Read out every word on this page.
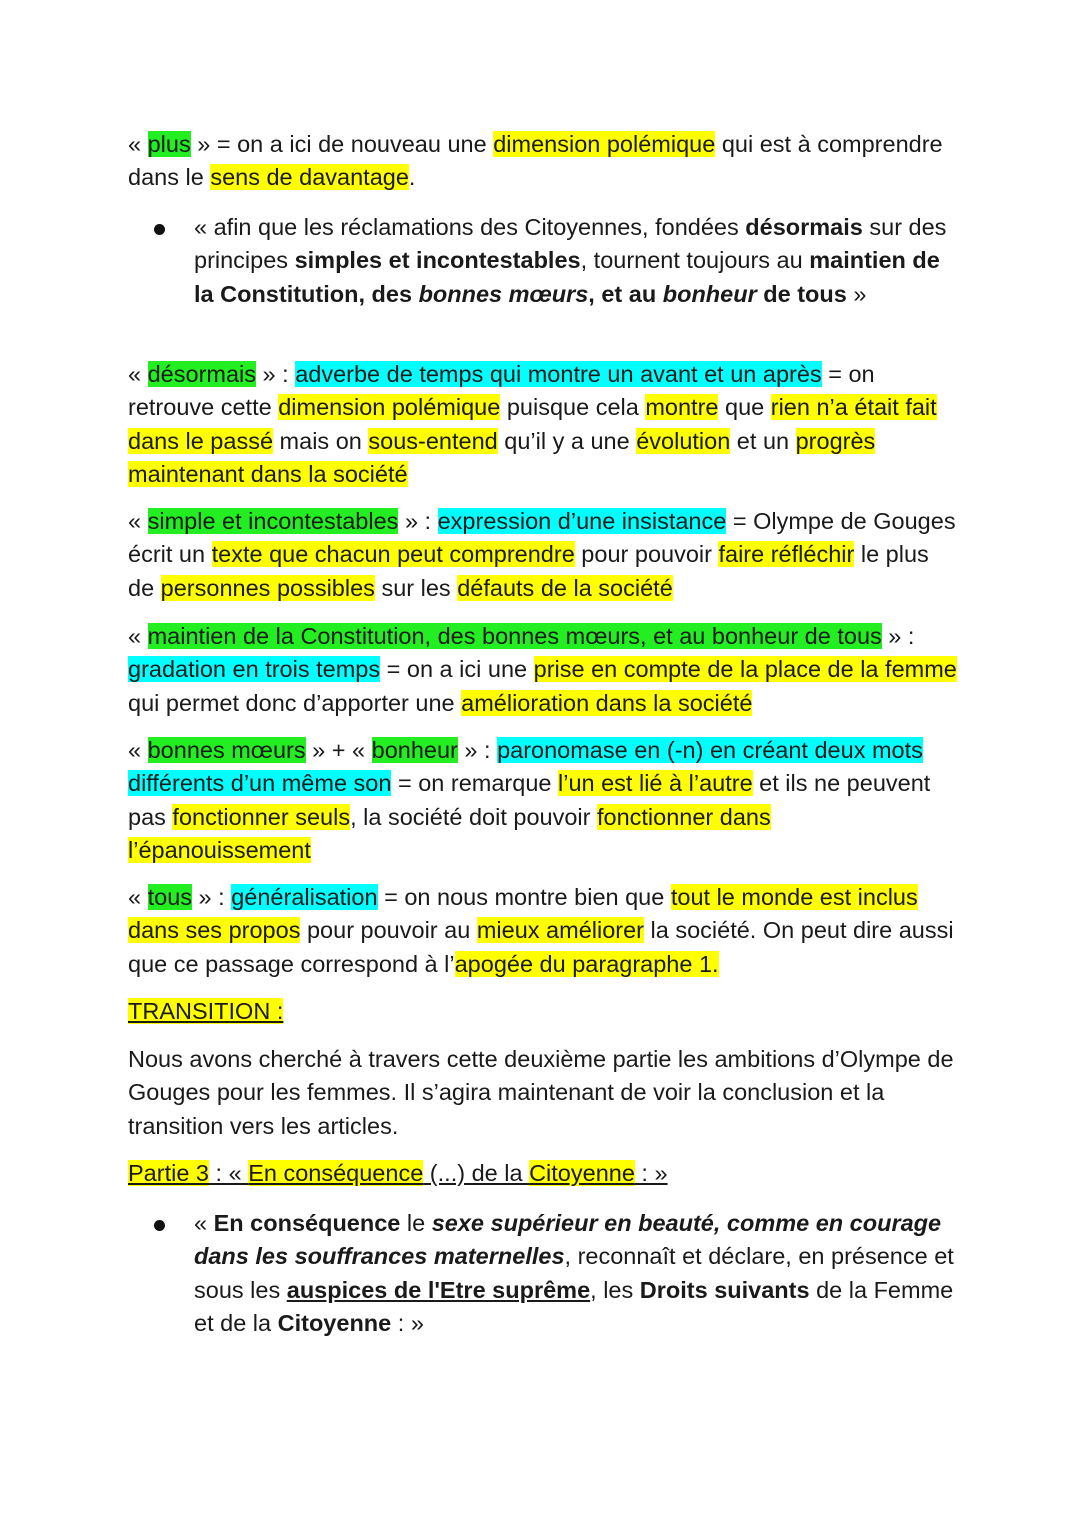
« plus » = on a ici de nouveau une dimension polémique qui est à comprendre dans le sens de davantage.
« afin que les réclamations des Citoyennes, fondées désormais sur des principes simples et incontestables, tournent toujours au maintien de la Constitution, des bonnes mœurs, et au bonheur de tous »
« désormais » : adverbe de temps qui montre un avant et un après = on retrouve cette dimension polémique puisque cela montre que rien n’a était fait dans le passé mais on sous-entend qu’il y a une évolution et un progrès maintenant dans la société
« simple et incontestables » : expression d’une insistance = Olympe de Gouges écrit un texte que chacun peut comprendre pour pouvoir faire réfléchir le plus de personnes possibles sur les défauts de la société
« maintien de la Constitution, des bonnes mœurs, et au bonheur de tous » : gradation en trois temps = on a ici une prise en compte de la place de la femme qui permet donc d’apporter une amélioration dans la société
« bonnes mœurs » + « bonheur » : paronomase en (-n) en créant deux mots différents d’un même son = on remarque l’un est lié à l’autre et ils ne peuvent pas fonctionner seuls, la société doit pouvoir fonctionner dans l’épanouissement
« tous » : généralisation = on nous montre bien que tout le monde est inclus dans ses propos pour pouvoir au mieux améliorer la société. On peut dire aussi que ce passage correspond à l’apogée du paragraphe 1.
TRANSITION :
Nous avons cherché à travers cette deuxième partie les ambitions d’Olympe de Gouges pour les femmes. Il s’agira maintenant de voir la conclusion et la transition vers les articles.
Partie 3 : « En conséquence (...) de la Citoyenne : »
« En conséquence le sexe supérieur en beauté, comme en courage dans les souffrances maternelles, reconnaît et déclare, en présence et sous les auspices de l'Etre suprême, les Droits suivants de la Femme et de la Citoyenne : »
